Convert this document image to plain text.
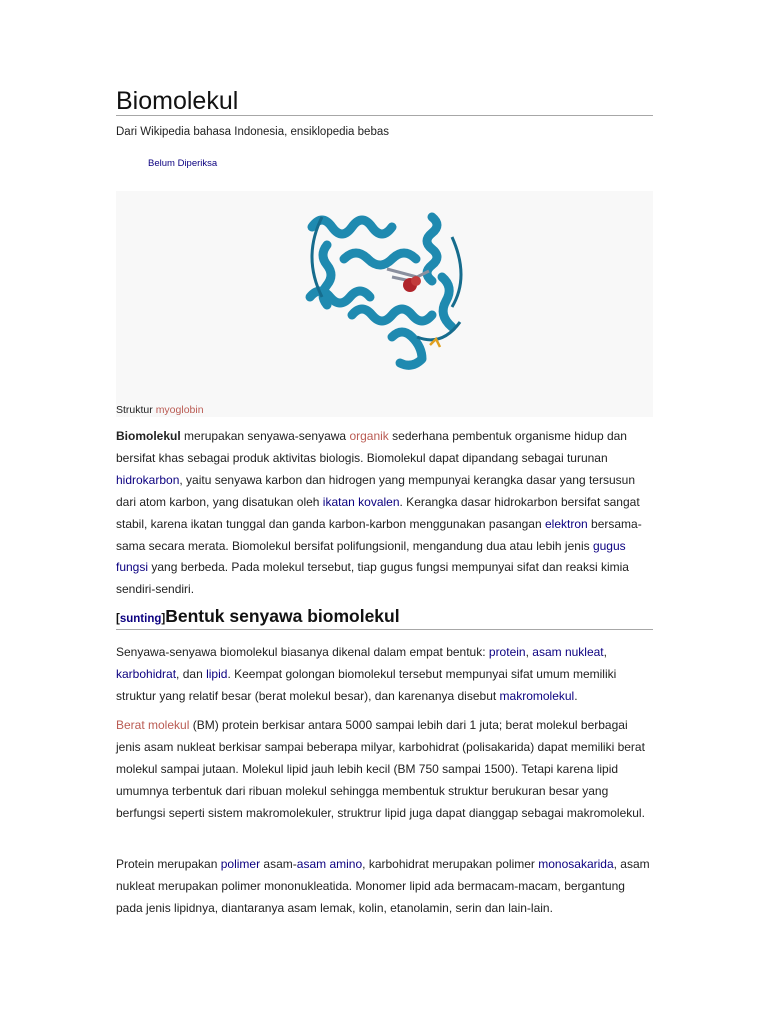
Biomolekul
Dari Wikipedia bahasa Indonesia, ensiklopedia bebas
Belum Diperiksa
Struktur myoglobin

Biomolekul merupakan senyawa-senyawa organik sederhana pembentuk organisme hidup dan bersifat khas sebagai produk aktivitas biologis. Biomolekul dapat dipandang sebagai turunan hidrokarbon, yaitu senyawa karbon dan hidrogen yang mempunyai kerangka dasar yang tersusun dari atom karbon, yang disatukan oleh ikatan kovalen. Kerangka dasar hidrokarbon bersifat sangat stabil, karena ikatan tunggal dan ganda karbon-karbon menggunakan pasangan elektron bersama-sama secara merata. Biomolekul bersifat polifungsionil, mengandung dua atau lebih jenis gugus fungsi yang berbeda. Pada molekul tersebut, tiap gugus fungsi mempunyai sifat dan reaksi kimia sendiri-sendiri.

[sunting]Bentuk senyawa biomolekul

Senyawa-senyawa biomolekul biasanya dikenal dalam empat bentuk: protein, asam nukleat, karbohidrat, dan lipid. Keempat golongan biomolekul tersebut mempunyai sifat umum memiliki struktur yang relatif besar (berat molekul besar), dan karenanya disebut makromolekul.

Berat molekul (BM) protein berkisar antara 5000 sampai lebih dari 1 juta; berat molekul berbagai jenis asam nukleat berkisar sampai beberapa milyar, karbohidrat (polisakarida) dapat memiliki berat molekul sampai jutaan. Molekul lipid jauh lebih kecil (BM 750 sampai 1500). Tetapi karena lipid umumnya terbentuk dari ribuan molekul sehingga membentuk struktur berukuran besar yang berfungsi seperti sistem makromolekuler, struktrur lipid juga dapat dianggap sebagai makromolekul.

Protein merupakan polimer asam-asam amino, karbohidrat merupakan polimer monosakarida, asam nukleat merupakan polimer mononukleatida. Monomer lipid ada bermacam-macam, bergantung pada jenis lipidnya, diantaranya asam lemak, kolin, etanolamin, serin dan lain-lain.
